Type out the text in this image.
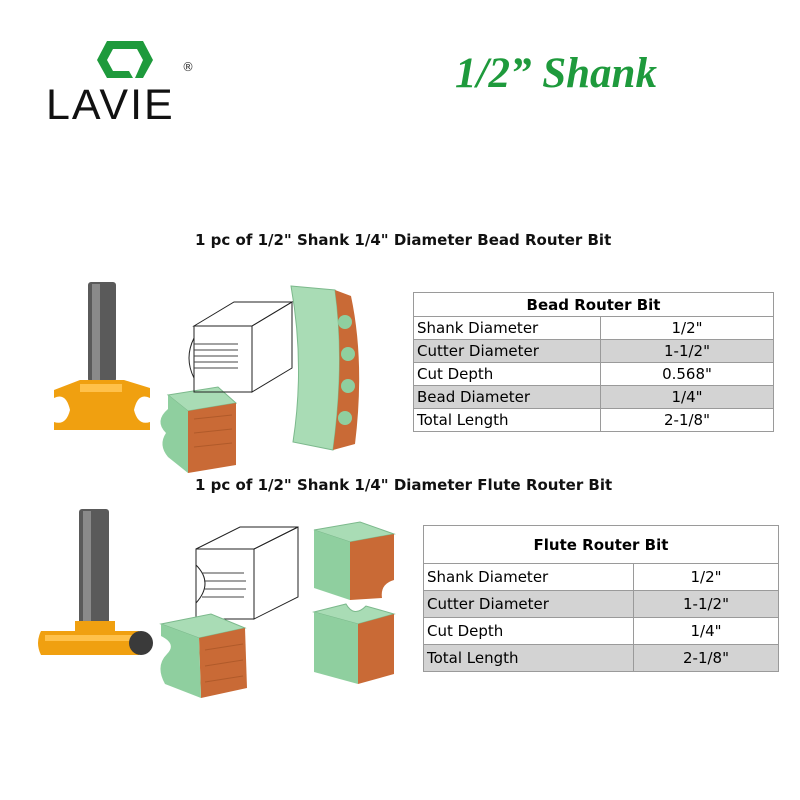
®
LAVIE
1/2” Shank
1 pc of 1/2" Shank 1/4" Diameter Bead Router Bit
Bead Router Bit	
Shank Diameter	1/2"
Cutter Diameter	1-1/2"
Cut Depth	0.568"
Bead Diameter	1/4"
Total Length	2-1/8"
1 pc of 1/2" Shank 1/4" Diameter Flute Router Bit
Flute Router Bit	
Shank Diameter	1/2"
Cutter Diameter	1-1/2"
Cut Depth	1/4"
Total Length	2-1/8"
